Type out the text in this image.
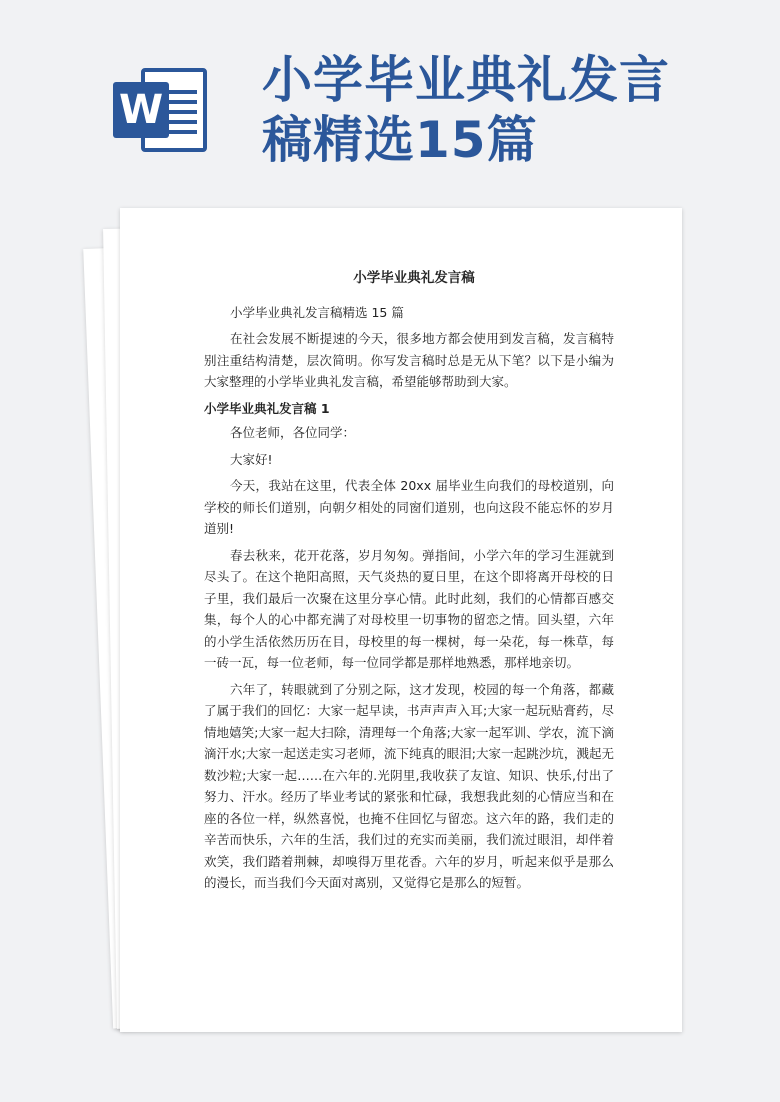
W
小学毕业典礼发言稿精选15篇
小学毕业典礼发言稿
小学毕业典礼发言稿精选 15 篇
在社会发展不断提速的今天，很多地方都会使用到发言稿，发言稿特别注重结构清楚，层次简明。你写发言稿时总是无从下笔？以下是小编为大家整理的小学毕业典礼发言稿，希望能够帮助到大家。
小学毕业典礼发言稿 1
各位老师，各位同学：
大家好!
今天，我站在这里，代表全体 20xx 届毕业生向我们的母校道别，向学校的师长们道别，向朝夕相处的同窗们道别，也向这段不能忘怀的岁月道别!
春去秋来，花开花落，岁月匆匆。弹指间，小学六年的学习生涯就到尽头了。在这个艳阳高照，天气炎热的夏日里，在这个即将离开母校的日子里，我们最后一次聚在这里分享心情。此时此刻，我们的心情都百感交集，每个人的心中都充满了对母校里一切事物的留恋之情。回头望，六年的小学生活依然历历在目，母校里的每一棵树，每一朵花，每一株草，每一砖一瓦，每一位老师，每一位同学都是那样地熟悉，那样地亲切。
六年了，转眼就到了分别之际，这才发现，校园的每一个角落，都藏了属于我们的回忆：大家一起早读，书声声声入耳;大家一起玩贴膏药，尽情地嬉笑;大家一起大扫除，清理每一个角落;大家一起军训、学农，流下滴滴汗水;大家一起送走实习老师，流下纯真的眼泪;大家一起跳沙坑，溅起无数沙粒;大家一起……在六年的.光阴里,我收获了友谊、知识、快乐,付出了努力、汗水。经历了毕业考试的紧张和忙碌，我想我此刻的心情应当和在座的各位一样，纵然喜悦，也掩不住回忆与留恋。这六年的路，我们走的辛苦而快乐，六年的生活，我们过的充实而美丽，我们流过眼泪，却伴着欢笑，我们踏着荆棘，却嗅得万里花香。六年的岁月，听起来似乎是那么的漫长，而当我们今天面对离别，又觉得它是那么的短暂。
